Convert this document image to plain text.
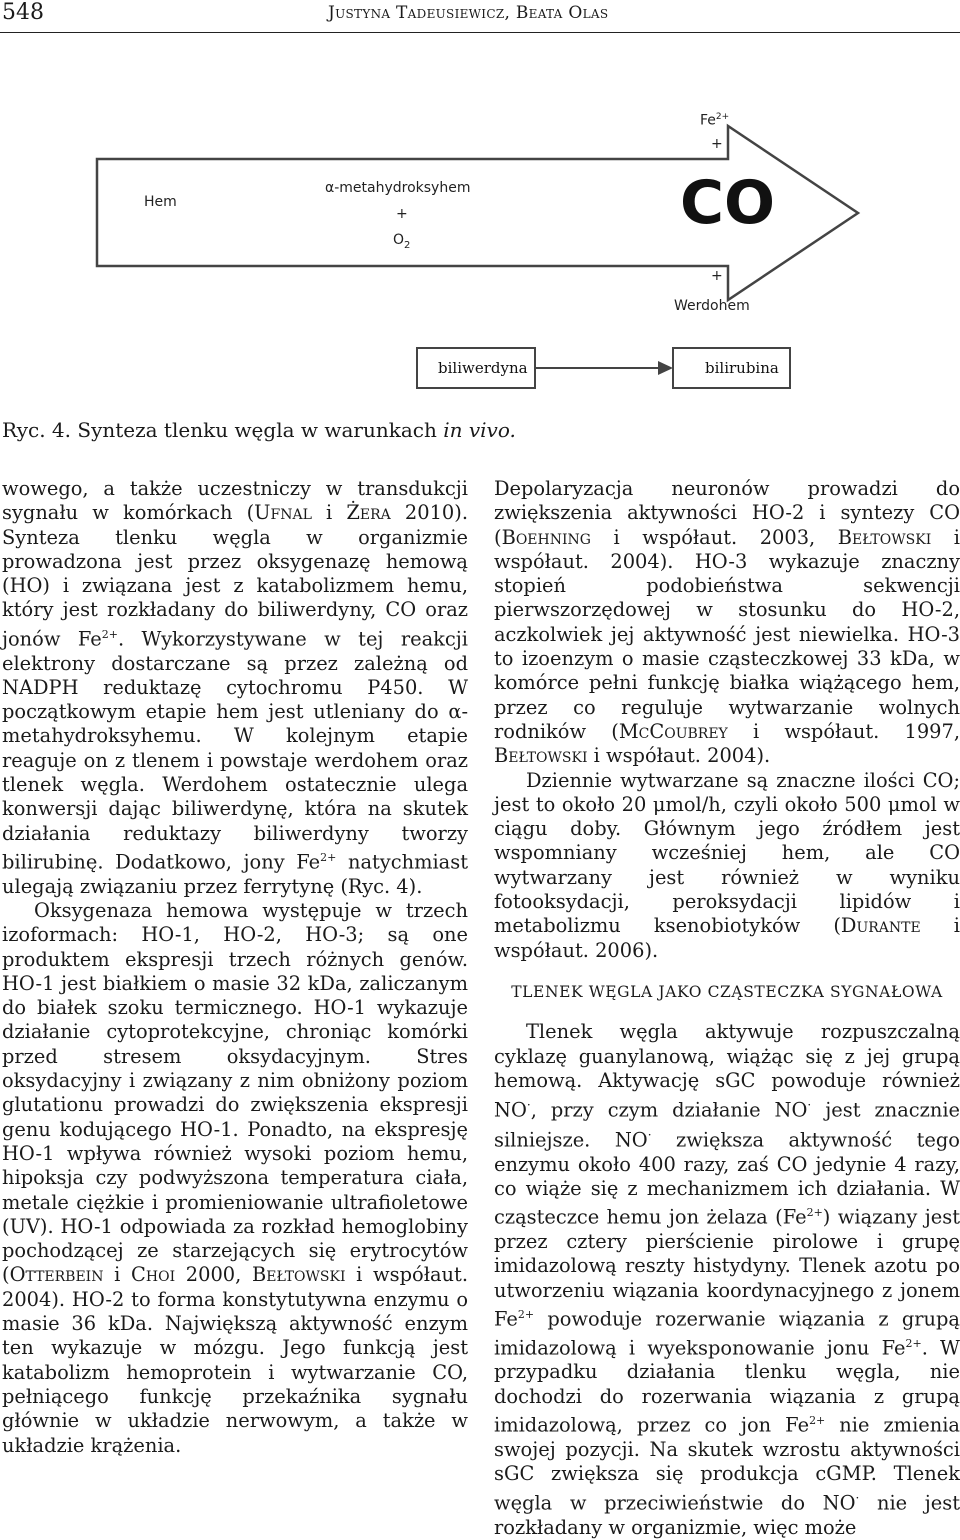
548	Justyna Tadeusiewicz, Beata Olas
Hem
α-metahydroksyhem
+
$O_2$
$Fe^{2+}$
+
CO
+
Werdohem
biliwerdyna	bilirubina
Ryc. 4. Synteza tlenku węgla w warunkach in vivo.

wowego, a także uczestniczy w transdukcji sygnału w komórkach (Ufnal i Żera 2010). Synteza tlenku węgla w organizmie prowadzona jest przez oksygenazę hemową (HO) i związana jest z katabolizmem hemu, który jest rozkładany do biliwerdyny, CO oraz jonów $Fe^{2+}$. Wykorzystywane w tej reakcji elektrony dostarczane są przez zależną od NADPH reduktazę cytochromu P450. W początkowym etapie hem jest utleniany do α-metahydroksyhemu. W kolejnym etapie reaguje on z tlenem i powstaje werdohem oraz tlenek węgla. Werdohem ostatecznie ulega konwersji dając biliwerdynę, która na skutek działania reduktazy biliwerdyny tworzy bilirubinę. Dodatkowo, jony $Fe^{2+}$ natychmiast ulegają związaniu przez ferrytynę (Ryc. 4).

Oksygenaza hemowa występuje w trzech izoformach: HO-1, HO-2, HO-3; są one produktem ekspresji trzech różnych genów. HO-1 jest białkiem o masie 32 kDa, zaliczanym do białek szoku termicznego. HO-1 wykazuje działanie cytoprotekcyjne, chroniąc komórki przed stresem oksydacyjnym. Stres oksydacyjny i związany z nim obniżony poziom glutationu prowadzi do zwiększenia ekspresji genu kodującego HO-1. Ponadto, na ekspresję HO-1 wpływa również wysoki poziom hemu, hipoksja czy podwyższona temperatura ciała, metale ciężkie i promieniowanie ultrafioletowe (UV). HO-1 odpowiada za rozkład hemoglobiny pochodzącej ze starzejących się erytrocytów (Otterbein i Choi 2000, Bełtowski i współaut. 2004). HO-2 to forma konstytutywna enzymu o masie 36 kDa. Największą aktywność enzym ten wykazuje w mózgu. Jego funkcją jest katabolizm hemoprotein i wytwarzanie CO, pełniącego funkcję przekaźnika sygnału głównie w układzie nerwowym, a także w układzie krążenia.

Depolaryzacja neuronów prowadzi do zwiększenia aktywności HO-2 i syntezy CO (Boehning i współaut. 2003, Bełtowski i współaut. 2004). HO-3 wykazuje znaczny stopień podobieństwa sekwencji pierwszorzędowej w stosunku do HO-2, aczkolwiek jej aktywność jest niewielka. HO-3 to izoenzym o masie cząsteczkowej 33 kDa, w komórce pełni funkcję białka wiążącego hem, przez co reguluje wytwarzanie wolnych rodników (McCoubrey i współaut. 1997, Bełtowski i współaut. 2004).

Dziennie wytwarzane są znaczne ilości CO; jest to około 20 μmol/h, czyli około 500 μmol w ciągu doby. Głównym jego źródłem jest wspomniany wcześniej hem, ale CO wytwarzany jest również w wyniku fotooksydacji, peroksydacji lipidów i metabolizmu ksenobiotyków (Durante i współaut. 2006).

TLENEK WĘGLA JAKO CZĄSTECZKA SYGNAŁOWA

Tlenek węgla aktywuje rozpuszczalną cyklazę guanylanową, wiążąc się z jej grupą hemową. Aktywację sGC powoduje również NO·, przy czym działanie NO· jest znacznie silniejsze. NO· zwiększa aktywność tego enzymu około 400 razy, zaś CO jedynie 4 razy, co wiąże się z mechanizmem ich działania. W cząsteczce hemu jon żelaza $(Fe^{2+})$ wiązany jest przez cztery pierścienie pirolowe i grupę imidazolową reszty histydyny. Tlenek azotu po utworzeniu wiązania koordynacyjnego z jonem $Fe^{2+}$ powoduje rozerwanie wiązania z grupą imidazolową i wyeksponowanie jonu $Fe^{2+}$. W przypadku działania tlenku węgla, nie dochodzi do rozerwania wiązania z grupą imidazolową, przez co jon $Fe^{2+}$ nie zmienia swojej pozycji. Na skutek wzrostu aktywności sGC zwiększa się produkcja cGMP. Tlenek węgla w przeciwieństwie do NO· nie jest rozkładany w organizmie, więc może
